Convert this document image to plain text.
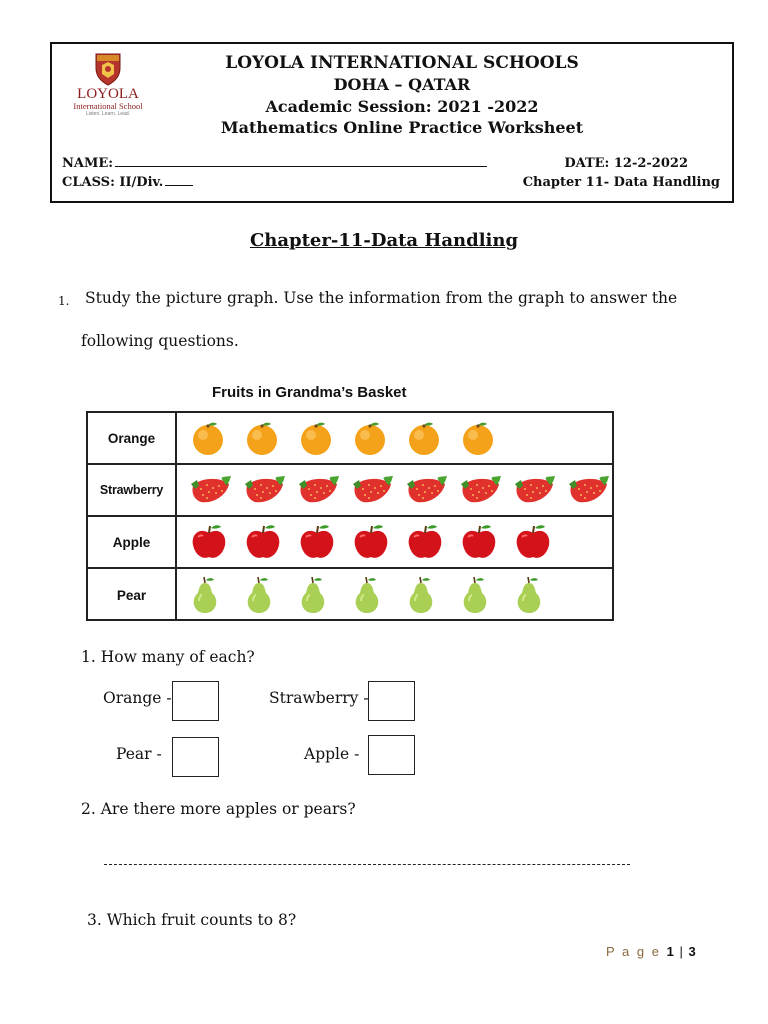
LOYOLA
International School
Listen. Learn. Lead.
LOYOLA INTERNATIONAL SCHOOLS
DOHA – QATAR
Academic Session: 2021 -2022
Mathematics Online Practice Worksheet
NAME:	DATE: 12-2-2022
CLASS: II/Div.	Chapter 11- Data Handling
Chapter-11-Data Handling
1. Study the picture graph. Use the information from the graph to answer the
following questions.
Fruits in Grandma’s Basket
Orange
Strawberry
Apple
Pear
1. How many of each?
Orange -	Strawberry -
Pear -	Apple -
2. Are there more apples or pears?
3. Which fruit counts to 8?
P a g e 1 | 3
